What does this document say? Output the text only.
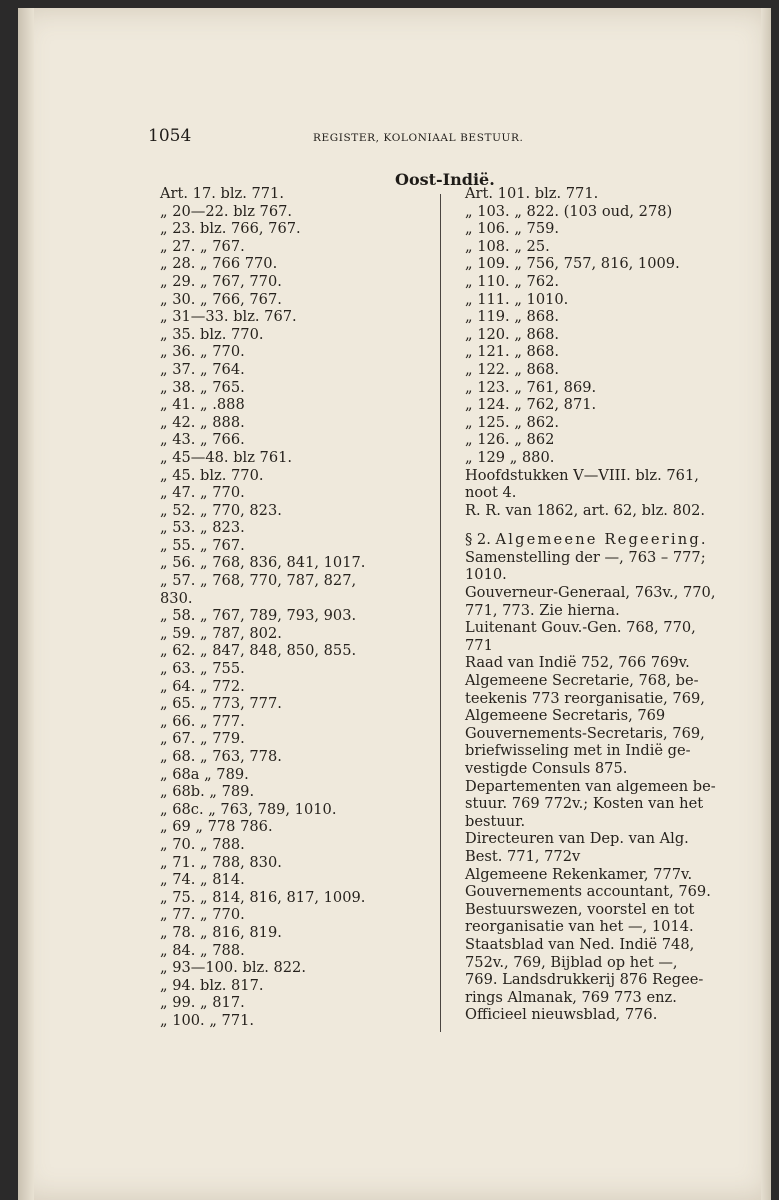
1054	REGISTER, KOLONIAAL BESTUUR.
Oost-Indië.
Art. 17. blz. 771.
„ 20—22. blz 767.
„ 23. blz. 766, 767.
„ 27. „ 767.
„ 28. „ 766 770.
„ 29. „ 767, 770.
„ 30. „ 766, 767.
„ 31—33. blz. 767.
„ 35. blz. 770.
„ 36. „ 770.
„ 37. „ 764.
„ 38. „ 765.
„ 41. „ .888
„ 42. „ 888.
„ 43. „ 766.
„ 45—48. blz 761.
„ 45. blz. 770.
„ 47. „ 770.
„ 52. „ 770, 823.
„ 53. „ 823.
„ 55. „ 767.
„ 56. „ 768, 836, 841, 1017.
„ 57. „ 768, 770, 787, 827,
830.
„ 58. „ 767, 789, 793, 903.
„ 59. „ 787, 802.
„ 62. „ 847, 848, 850, 855.
„ 63. „ 755.
„ 64. „ 772.
„ 65. „ 773, 777.
„ 66. „ 777.
„ 67. „ 779.
„ 68. „ 763, 778.
„ 68a „ 789.
„ 68b. „ 789.
„ 68c. „ 763, 789, 1010.
„ 69 „ 778 786.
„ 70. „ 788.
„ 71. „ 788, 830.
„ 74. „ 814.
„ 75. „ 814, 816, 817, 1009.
„ 77. „ 770.
„ 78. „ 816, 819.
„ 84. „ 788.
„ 93—100. blz. 822.
„ 94. blz. 817.
„ 99. „ 817.
„ 100. „ 771.
Art. 101. blz. 771.
„ 103. „ 822. (103 oud, 278)
„ 106. „ 759.
„ 108. „ 25.
„ 109. „ 756, 757, 816, 1009.
„ 110. „ 762.
„ 111. „ 1010.
„ 119. „ 868.
„ 120. „ 868.
„ 121. „ 868.
„ 122. „ 868.
„ 123. „ 761, 869.
„ 124. „ 762, 871.
„ 125. „ 862.
„ 126. „ 862
„ 129 „ 880.
Hoofdstukken V—VIII. blz. 761,
noot 4.
R. R. van 1862, art. 62, blz. 802.
§ 2. Algemeene Regeering.
Samenstelling der —, 763 – 777;
1010.
Gouverneur-Generaal, 763v., 770,
771, 773. Zie hierna.
Luitenant Gouv.-Gen. 768, 770,
771
Raad van Indië 752, 766 769v.
Algemeene Secretarie, 768, be-
teekenis 773 reorganisatie, 769,
Algemeene Secretaris, 769
Gouvernements-Secretaris, 769,
briefwisseling met in Indië ge-
vestigde Consuls 875.
Departementen van algemeen be-
stuur. 769 772v.; Kosten van het
bestuur.
Directeuren van Dep. van Alg.
Best. 771, 772v
Algemeene Rekenkamer, 777v.
Gouvernements accountant, 769.
Bestuurswezen, voorstel en tot
reorganisatie van het —, 1014.
Staatsblad van Ned. Indië 748,
752v., 769, Bijblad op het —,
769. Landsdrukkerij 876 Regee-
rings Almanak, 769 773 enz.
Officieel nieuwsblad, 776.
